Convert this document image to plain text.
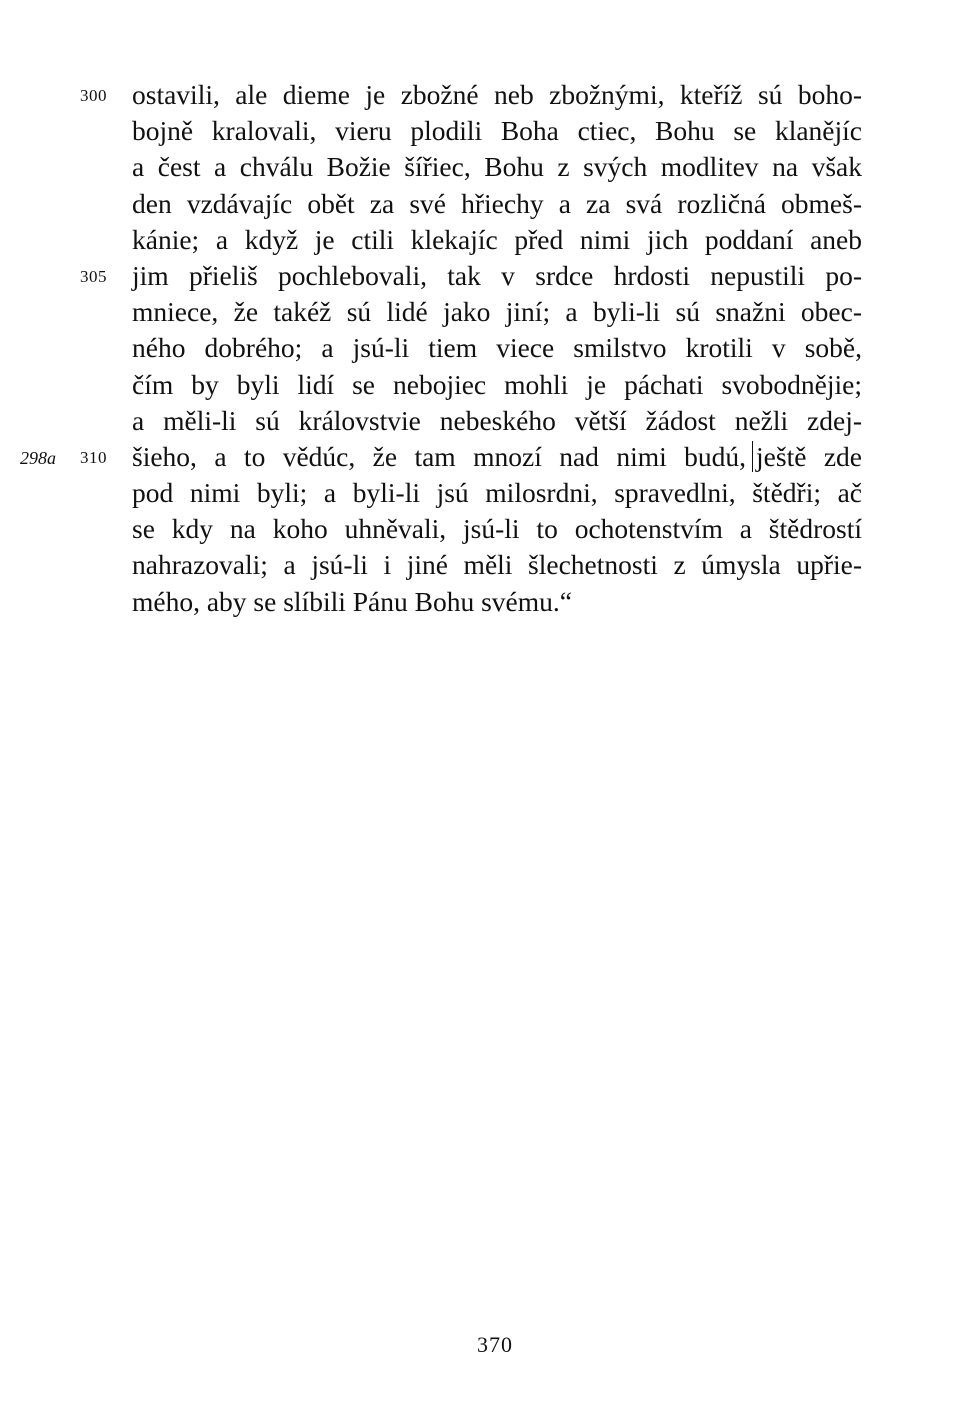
300 ostavili, ale dieme je zbožné neb zbožnými, kteříž sú boho-
bojně kralovali, vieru plodili Boha ctiec, Bohu se klanějíc
a čest a chválu Božie šířiec, Bohu z svých modlitev na však
den vzdávajíc obět za své hřiechy a za svá rozličná obmeš-
kánie; a když je ctili klekajíc před nimi jich poddaní aneb
305 jim přieliš pochlebovali, tak v srdce hrdosti nepustili po-
mniece, že takéž sú lidé jako jiní; a byli-li sú snažni obec-
ného dobrého; a jsú-li tiem viece smilstvo krotili v sobě,
čím by byli lidí se nebojiec mohli je páchati svobodnějie;
a měli-li sú královstvie nebeského větší žádost nežli zdej-
298a	310 šieho, a to vědúc, že tam mnozí nad nimi budú, ještě zde
pod nimi byli; a byli-li jsú milosrdni, spravedlni, štědři; ač
se kdy na koho uhněvali, jsú-li to ochotenstvím a štědrostí
nahrazovali; a jsú-li i jiné měli šlechetnosti z úmysla upřie-
mého, aby se slíbili Pánu Bohu svému.“
370
